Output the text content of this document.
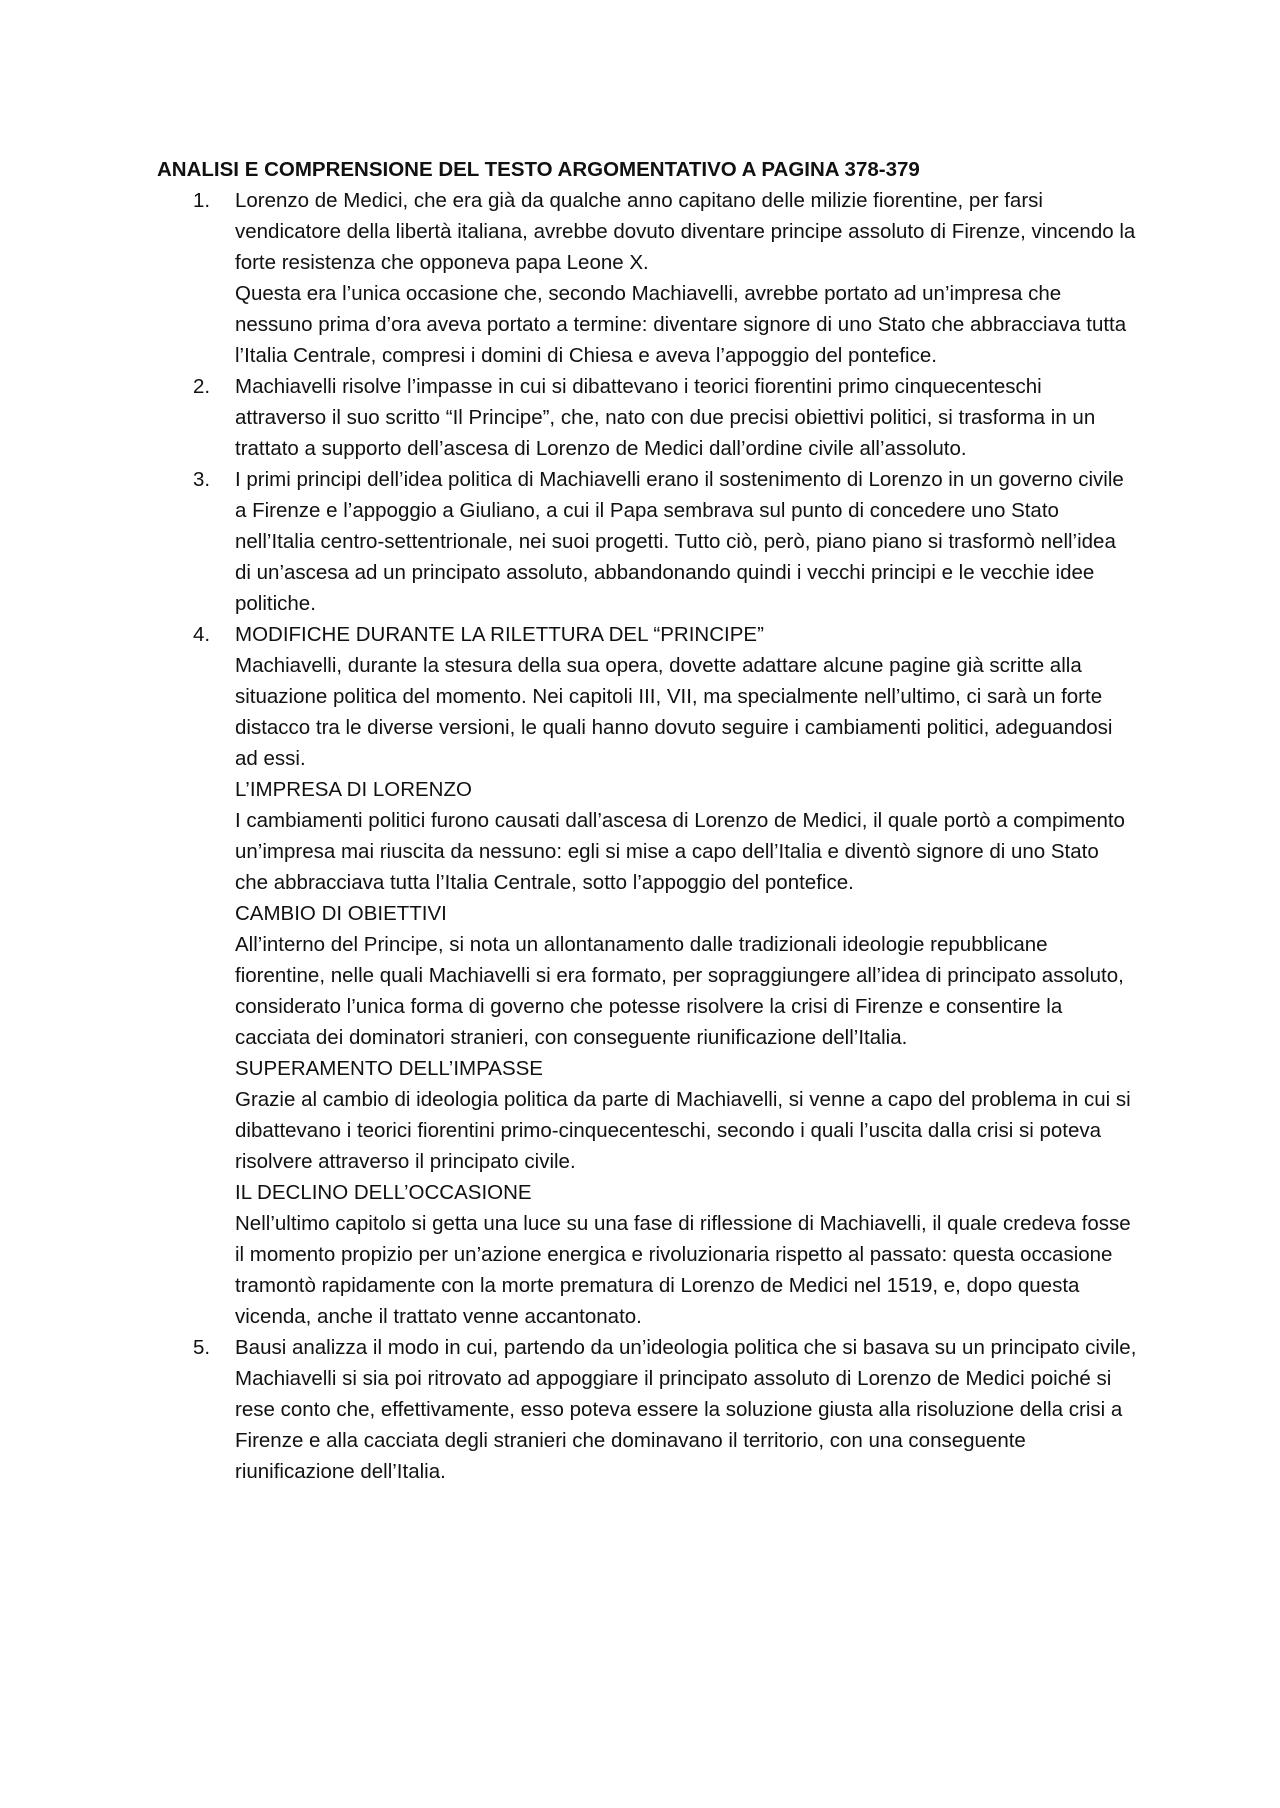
ANALISI E COMPRENSIONE DEL TESTO ARGOMENTATIVO A PAGINA 378-379
1. Lorenzo de Medici, che era già da qualche anno capitano delle milizie fiorentine, per farsi vendicatore della libertà italiana, avrebbe dovuto diventare principe assoluto di Firenze, vincendo la forte resistenza che opponeva papa Leone X.

Questa era l’unica occasione che, secondo Machiavelli, avrebbe portato ad un’impresa che nessuno prima d’ora aveva portato a termine: diventare signore di uno Stato che abbracciava tutta l’Italia Centrale, compresi i domini di Chiesa e aveva l’appoggio del pontefice.

2. Machiavelli risolve l’impasse in cui si dibattevano i teorici fiorentini primo cinquecenteschi attraverso il suo scritto “Il Principe”, che, nato con due precisi obiettivi politici, si trasforma in un trattato a supporto dell’ascesa di Lorenzo de Medici dall’ordine civile all’assoluto.

3. I primi principi dell’idea politica di Machiavelli erano il sostenimento di Lorenzo in un governo civile a Firenze e l’appoggio a Giuliano, a cui il Papa sembrava sul punto di concedere uno Stato nell’Italia centro-settentrionale, nei suoi progetti. Tutto ciò, però, piano piano si trasformò nell’idea di un’ascesa ad un principato assoluto, abbandonando quindi i vecchi principi e le vecchie idee politiche.

4. MODIFICHE DURANTE LA RILETTURA DEL “PRINCIPE”

Machiavelli, durante la stesura della sua opera, dovette adattare alcune pagine già scritte alla situazione politica del momento. Nei capitoli III, VII, ma specialmente nell’ultimo, ci sarà un forte distacco tra le diverse versioni, le quali hanno dovuto seguire i cambiamenti politici, adeguandosi ad essi.

L’IMPRESA DI LORENZO

I cambiamenti politici furono causati dall’ascesa di Lorenzo de Medici, il quale portò a compimento un’impresa mai riuscita da nessuno: egli si mise a capo dell’Italia e diventò signore di uno Stato che abbracciava tutta l’Italia Centrale, sotto l’appoggio del pontefice.

CAMBIO DI OBIETTIVI

All’interno del Principe, si nota un allontanamento dalle tradizionali ideologie repubblicane fiorentine, nelle quali Machiavelli si era formato, per sopraggiungere all’idea di principato assoluto, considerato l’unica forma di governo che potesse risolvere la crisi di Firenze e consentire la cacciata dei dominatori stranieri, con conseguente riunificazione dell’Italia.

SUPERAMENTO DELL’IMPASSE

Grazie al cambio di ideologia politica da parte di Machiavelli, si venne a capo del problema in cui si dibattevano i teorici fiorentini primo-cinquecenteschi, secondo i quali l’uscita dalla crisi si poteva risolvere attraverso il principato civile.

IL DECLINO DELL’OCCASIONE

Nell’ultimo capitolo si getta una luce su una fase di riflessione di Machiavelli, il quale credeva fosse il momento propizio per un’azione energica e rivoluzionaria rispetto al passato: questa occasione tramontò rapidamente con la morte prematura di Lorenzo de Medici nel 1519, e, dopo questa vicenda, anche il trattato venne accantonato.

5. Bausi analizza il modo in cui, partendo da un’ideologia politica che si basava su un principato civile, Machiavelli si sia poi ritrovato ad appoggiare il principato assoluto di Lorenzo de Medici poiché si rese conto che, effettivamente, esso poteva essere la soluzione giusta alla risoluzione della crisi a Firenze e alla cacciata degli stranieri che dominavano il territorio, con una conseguente riunificazione dell’Italia.
